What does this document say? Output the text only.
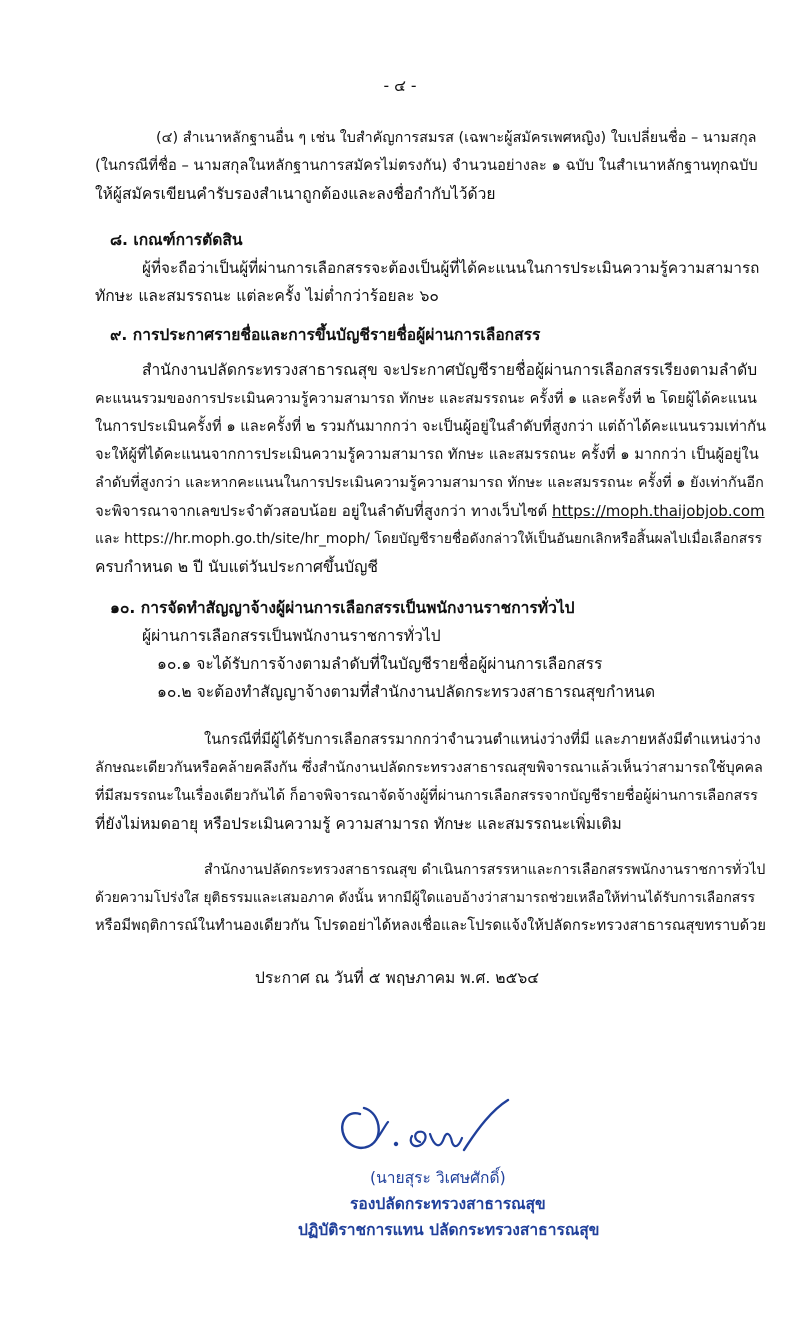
- ๔ -
(๔) สำเนาหลักฐานอื่น ๆ เช่น ใบสำคัญการสมรส (เฉพาะผู้สมัครเพศหญิง) ใบเปลี่ยนชื่อ – นามสกุล
(ในกรณีที่ชื่อ – นามสกุลในหลักฐานการสมัครไม่ตรงกัน) จำนวนอย่างละ ๑ ฉบับ ในสำเนาหลักฐานทุกฉบับ
ให้ผู้สมัครเขียนคำรับรองสำเนาถูกต้องและลงชื่อกำกับไว้ด้วย
๘. เกณฑ์การตัดสิน
ผู้ที่จะถือว่าเป็นผู้ที่ผ่านการเลือกสรรจะต้องเป็นผู้ที่ได้คะแนนในการประเมินความรู้ความสามารถ
ทักษะ และสมรรถนะ แต่ละครั้ง ไม่ต่ำกว่าร้อยละ ๖๐
๙. การประกาศรายชื่อและการขึ้นบัญชีรายชื่อผู้ผ่านการเลือกสรร
สำนักงานปลัดกระทรวงสาธารณสุข จะประกาศบัญชีรายชื่อผู้ผ่านการเลือกสรรเรียงตามลำดับ
คะแนนรวมของการประเมินความรู้ความสามารถ ทักษะ และสมรรถนะ ครั้งที่ ๑ และครั้งที่ ๒ โดยผู้ได้คะแนน
ในการประเมินครั้งที่ ๑ และครั้งที่ ๒ รวมกันมากกว่า จะเป็นผู้อยู่ในลำดับที่สูงกว่า แต่ถ้าได้คะแนนรวมเท่ากัน
จะให้ผู้ที่ได้คะแนนจากการประเมินความรู้ความสามารถ ทักษะ และสมรรถนะ ครั้งที่ ๑ มากกว่า เป็นผู้อยู่ใน
ลำดับที่สูงกว่า และหากคะแนนในการประเมินความรู้ความสามารถ ทักษะ และสมรรถนะ ครั้งที่ ๑ ยังเท่ากันอีก
จะพิจารณาจากเลขประจำตัวสอบน้อย อยู่ในลำดับที่สูงกว่า ทางเว็บไซต์ https://moph.thaijobjob.com
และ https://hr.moph.go.th/site/hr_moph/ โดยบัญชีรายชื่อดังกล่าวให้เป็นอันยกเลิกหรือสิ้นผลไปเมื่อเลือกสรร
ครบกำหนด ๒ ปี นับแต่วันประกาศขึ้นบัญชี
๑๐. การจัดทำสัญญาจ้างผู้ผ่านการเลือกสรรเป็นพนักงานราชการทั่วไป
ผู้ผ่านการเลือกสรรเป็นพนักงานราชการทั่วไป
๑๐.๑ จะได้รับการจ้างตามลำดับที่ในบัญชีรายชื่อผู้ผ่านการเลือกสรร
๑๐.๒ จะต้องทำสัญญาจ้างตามที่สำนักงานปลัดกระทรวงสาธารณสุขกำหนด
ในกรณีที่มีผู้ได้รับการเลือกสรรมากกว่าจำนวนตำแหน่งว่างที่มี และภายหลังมีตำแหน่งว่าง
ลักษณะเดียวกันหรือคล้ายคลึงกัน ซึ่งสำนักงานปลัดกระทรวงสาธารณสุขพิจารณาแล้วเห็นว่าสามารถใช้บุคคล
ที่มีสมรรถนะในเรื่องเดียวกันได้ ก็อาจพิจารณาจัดจ้างผู้ที่ผ่านการเลือกสรรจากบัญชีรายชื่อผู้ผ่านการเลือกสรร
ที่ยังไม่หมดอายุ หรือประเมินความรู้ ความสามารถ ทักษะ และสมรรถนะเพิ่มเติม
สำนักงานปลัดกระทรวงสาธารณสุข ดำเนินการสรรหาและการเลือกสรรพนักงานราชการทั่วไป
ด้วยความโปร่งใส ยุติธรรมและเสมอภาค ดังนั้น หากมีผู้ใดแอบอ้างว่าสามารถช่วยเหลือให้ท่านได้รับการเลือกสรร
หรือมีพฤติการณ์ในทำนองเดียวกัน โปรดอย่าได้หลงเชื่อและโปรดแจ้งให้ปลัดกระทรวงสาธารณสุขทราบด้วย
ประกาศ ณ วันที่ ๕ พฤษภาคม พ.ศ. ๒๕๖๔
(นายสุระ วิเศษศักดิ์)
รองปลัดกระทรวงสาธารณสุข
ปฏิบัติราชการแทน ปลัดกระทรวงสาธารณสุข
